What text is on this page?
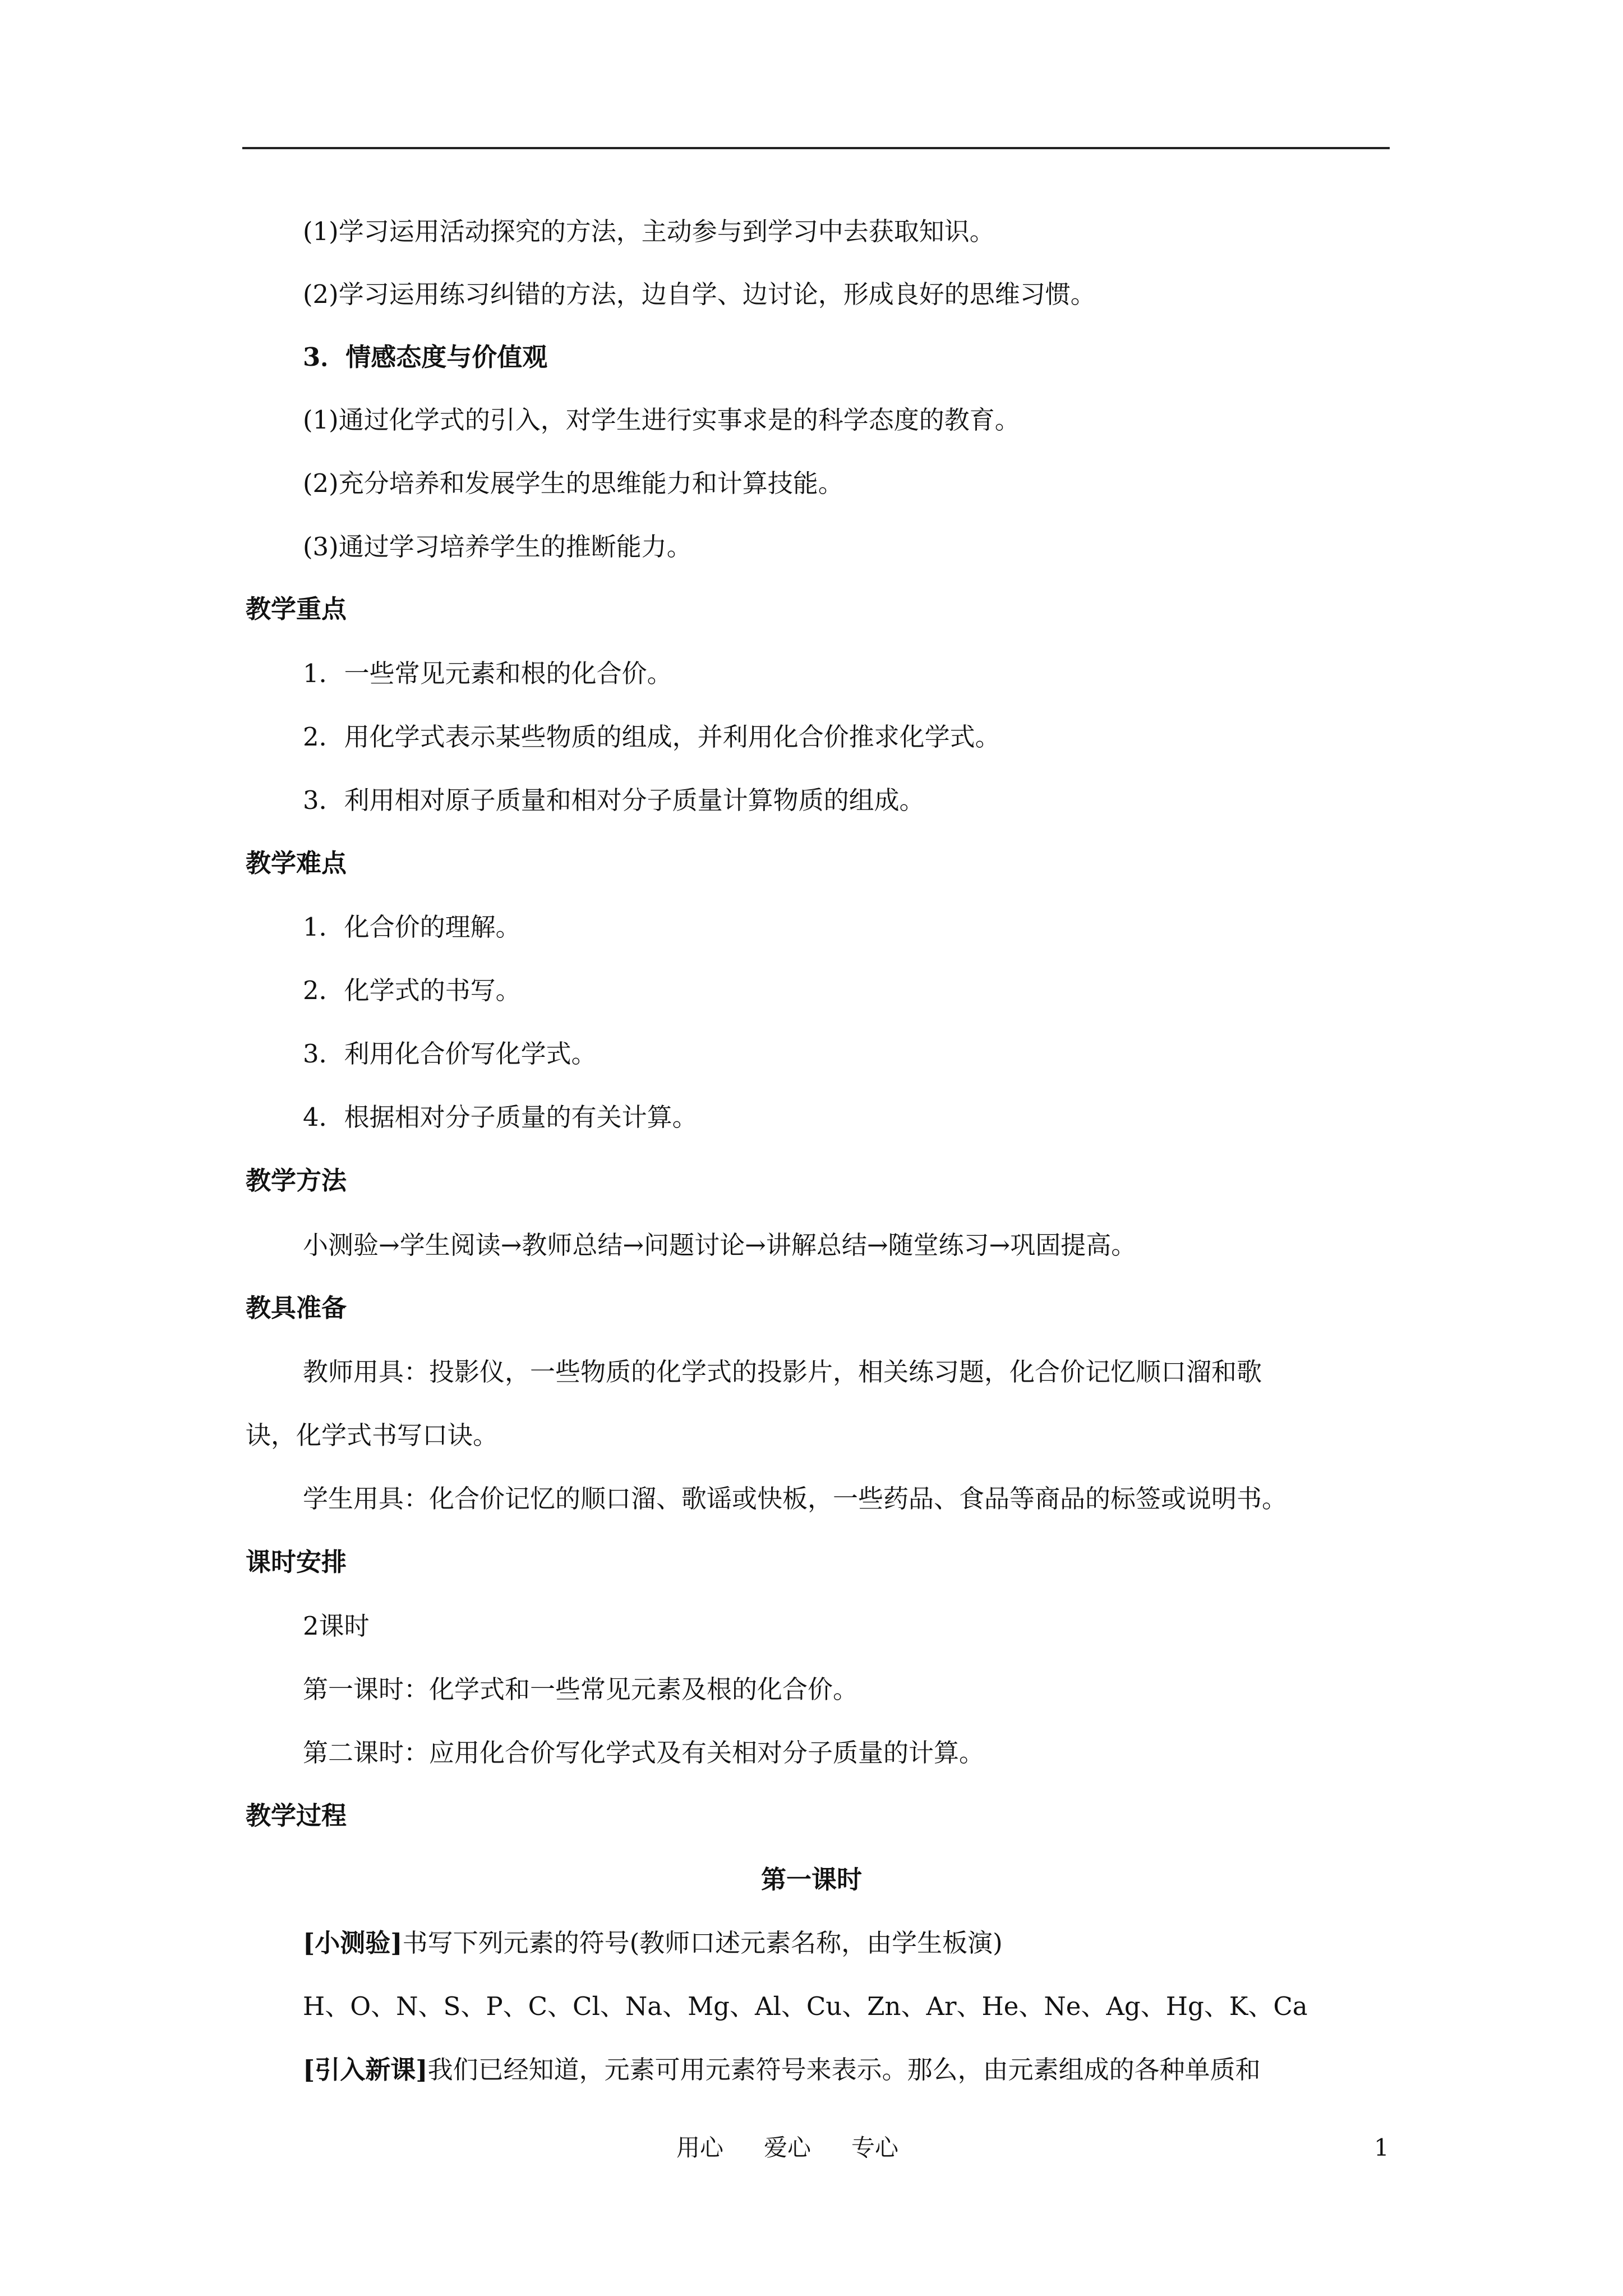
(1)学习运用活动探究的方法，主动参与到学习中去获取知识。
(2)学习运用练习纠错的方法，边自学、边讨论，形成良好的思维习惯。
3．情感态度与价值观
(1)通过化学式的引入，对学生进行实事求是的科学态度的教育。
(2)充分培养和发展学生的思维能力和计算技能。
(3)通过学习培养学生的推断能力。
教学重点
1．一些常见元素和根的化合价。
2．用化学式表示某些物质的组成，并利用化合价推求化学式。
3．利用相对原子质量和相对分子质量计算物质的组成。
教学难点
1．化合价的理解。
2．化学式的书写。
3．利用化合价写化学式。
4．根据相对分子质量的有关计算。
教学方法
小测验→学生阅读→教师总结→问题讨论→讲解总结→随堂练习→巩固提高。
教具准备
教师用具：投影仪，一些物质的化学式的投影片，相关练习题，化合价记忆顺口溜和歌
诀，化学式书写口诀。
学生用具：化合价记忆的顺口溜、歌谣或快板，一些药品、食品等商品的标签或说明书。
课时安排
2课时
第一课时：化学式和一些常见元素及根的化合价。
第二课时：应用化合价写化学式及有关相对分子质量的计算。
教学过程
第一课时
[小测验]书写下列元素的符号(教师口述元素名称，由学生板演)
H、O、N、S、P、C、Cl、Na、Mg、Al、Cu、Zn、Ar、He、Ne、Ag、Hg、K、Ca
[引入新课]我们已经知道，元素可用元素符号来表示。那么，由元素组成的各种单质和
用心 爱心 专心	1
